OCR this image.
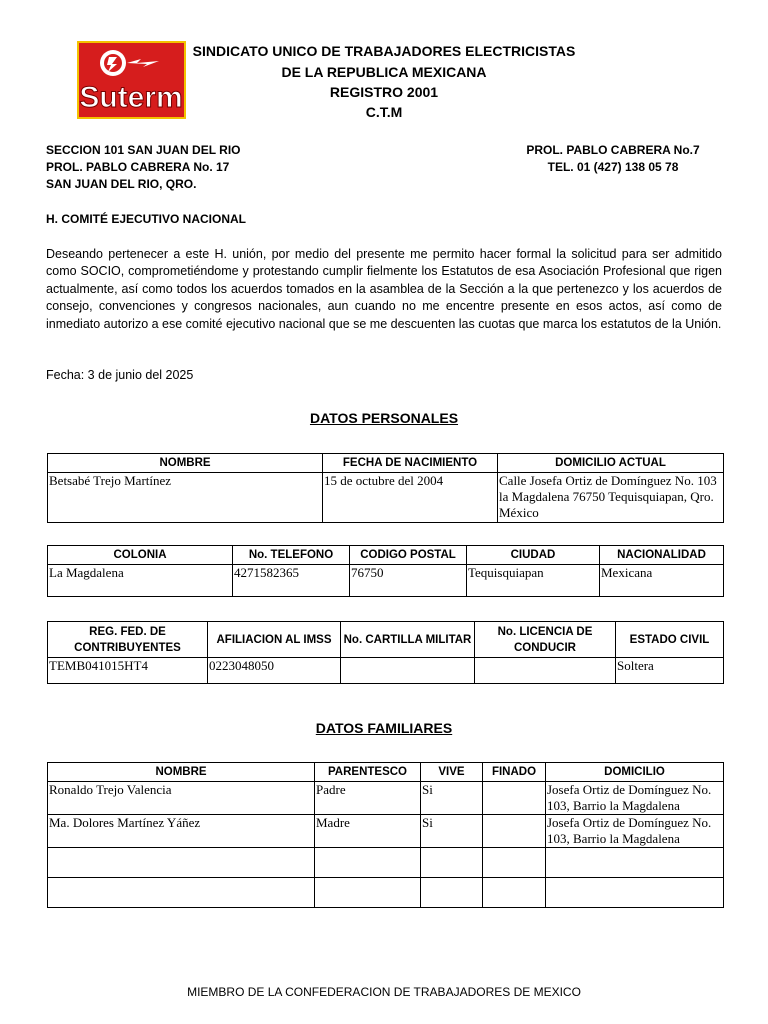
Suterm
SINDICATO UNICO DE TRABAJADORES ELECTRICISTAS
DE LA REPUBLICA MEXICANA
REGISTRO 2001
C.T.M
SECCION 101 SAN JUAN DEL RIO
PROL. PABLO CABRERA No. 17
SAN JUAN DEL RIO, QRO.
PROL. PABLO CABRERA No.7
TEL. 01 (427) 138 05 78
H. COMITÉ EJECUTIVO NACIONAL
Deseando pertenecer a este H. unión, por medio del presente me permito hacer formal la solicitud para ser admitido como SOCIO, comprometiéndome y protestando cumplir fielmente los Estatutos de esa Asociación Profesional que rigen actualmente, así como todos los acuerdos tomados en la asamblea de la Sección a la que pertenezco y los acuerdos de consejo, convenciones y congresos nacionales, aun cuando no me encentre presente en esos actos, así como de inmediato autorizo a ese comité ejecutivo nacional que se me descuenten las cuotas que marca los estatutos de la Unión.
Fecha: 3 de junio del 2025
DATOS PERSONALES
NOMBRE	FECHA DE NACIMIENTO	DOMICILIO ACTUAL
Betsabé Trejo Martínez	15 de octubre del 2004	Calle Josefa Ortiz de Domínguez No. 103 la Magdalena 76750 Tequisquiapan, Qro. México
COLONIA	No. TELEFONO	CODIGO POSTAL	CIUDAD	NACIONALIDAD
La Magdalena	4271582365	76750	Tequisquiapan	Mexicana
REG. FED. DE CONTRIBUYENTES	AFILIACION AL IMSS	No. CARTILLA MILITAR	No. LICENCIA DE CONDUCIR	ESTADO CIVIL
TEMB041015HT4	0223048050			Soltera
DATOS FAMILIARES
NOMBRE	PARENTESCO	VIVE	FINADO	DOMICILIO
Ronaldo Trejo Valencia	Padre	Si		Josefa Ortiz de Domínguez No. 103, Barrio la Magdalena
Ma. Dolores Martínez Yáñez	Madre	Si		Josefa Ortiz de Domínguez No. 103, Barrio la Magdalena

MIEMBRO DE LA CONFEDERACION DE TRABAJADORES DE MEXICO
